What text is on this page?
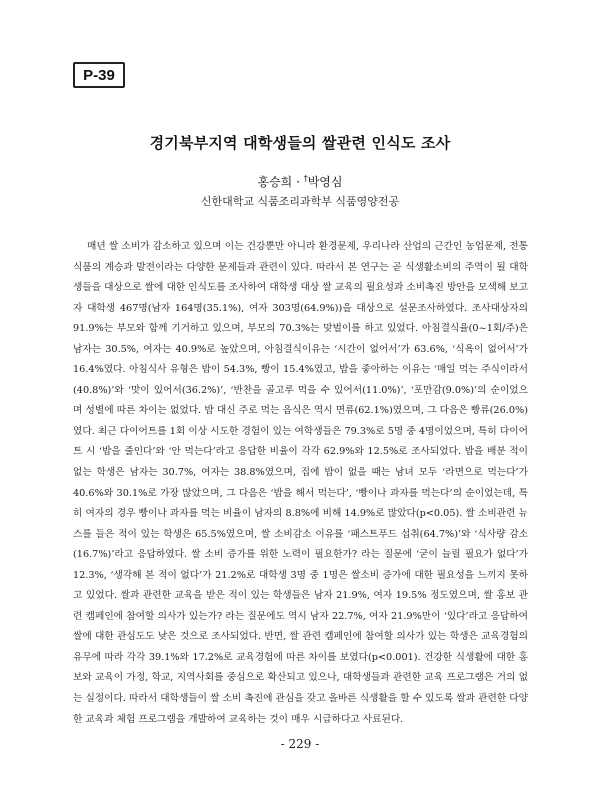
P-39
경기북부지역 대학생들의 쌀관련 인식도 조사
홍승희 · †박영심
신한대학교 식품조리과학부 식품영양전공

매년 쌀 소비가 감소하고 있으며 이는 건강뿐만 아니라 환경문제, 우리나라 산업의 근간인 농업문제, 전통식품의 계승과 발전이라는 다양한 문제들과 관련이 있다. 따라서 본 연구는 곧 식생활소비의 주역이 될 대학생들을 대상으로 쌀에 대한 인식도를 조사하여 대학생 대상 쌀 교육의 필요성과 소비촉진 방안을 모색해 보고자 대학생 467명(남자 164명(35.1%), 여자 303명(64.9%))을 대상으로 설문조사하였다. 조사대상자의 91.9%는 부모와 함께 기거하고 있으며, 부모의 70.3%는 맞벌이를 하고 있었다. 아침결식율(0~1회/주)은 남자는 30.5%, 여자는 40.9%로 높았으며, 아침결식이유는 ‘시간이 없어서’가 63.6%, ‘식욕이 없어서’가 16.4%였다. 아침식사 유형은 밥이 54.3%, 빵이 15.4%였고, 밥을 좋아하는 이유는 ‘매일 먹는 주식이라서(40.8%)’와 ‘맛이 있어서(36.2%)’, ‘반찬을 골고루 먹을 수 있어서(11.0%)’, ‘포만감(9.0%)’의 순이었으며 성별에 따른 차이는 없었다. 밥 대신 주로 먹는 음식은 역시 면류(62.1%)였으며, 그 다음은 빵류(26.0%)였다. 최근 다이어트를 1회 이상 시도한 경험이 있는 여학생들은 79.3%로 5명 중 4명이었으며, 특히 다이어트 시 ‘밥을 줄인다’와 ‘안 먹는다’라고 응답한 비율이 각각 62.9%와 12.5%로 조사되었다. 밥을 배분 적이 없는 학생은 남자는 30.7%, 여자는 38.8%였으며, 집에 밥이 없을 때는 남녀 모두 ‘라면으로 먹는다’가 40.6%와 30.1%로 가장 많았으며, 그 다음은 ‘밥을 해서 먹는다’, ‘빵이나 과자를 먹는다’의 순이었는데, 특히 여자의 경우 빵이나 과자를 먹는 비율이 남자의 8.8%에 비해 14.9%로 많았다(p<0.05). 쌀 소비관련 뉴스를 들은 적이 있는 학생은 65.5%였으며, 쌀 소비감소 이유를 ‘패스트푸드 섭취(64.7%)’와 ‘식사량 감소(16.7%)’라고 응답하였다. 쌀 소비 증가를 위한 노력이 필요한가? 라는 질문에 ‘굳이 늘릴 필요가 없다’가 12.3%, ‘생각해 본 적이 없다’가 21.2%로 대학생 3명 중 1명은 쌀소비 증가에 대한 필요성을 느끼지 못하고 있었다. 쌀과 관련한 교육을 받은 적이 있는 학생들은 남자 21.9%, 여자 19.5% 정도였으며, 쌀 홍보 관련 캠페인에 참여할 의사가 있는가? 라는 질문에도 역시 남자 22.7%, 여자 21.9%만이 ‘있다’라고 응답하여 쌀에 대한 관심도도 낮은 것으로 조사되었다. 반면, 쌀 관련 캠페인에 참여할 의사가 있는 학생은 교육경험의 유무에 따라 각각 39.1%와 17.2%로 교육경험에 따른 차이를 보였다(p<0.001). 건강한 식생활에 대한 홍보와 교육이 가정, 학교, 지역사회를 중심으로 확산되고 있으나, 대학생들과 관련한 교육 프로그램은 거의 없는 실정이다. 따라서 대학생들이 쌀 소비 촉진에 관심을 갖고 올바른 식생활을 할 수 있도록 쌀과 관련한 다양한 교육과 체험 프로그램을 개발하여 교육하는 것이 매우 시급하다고 사료된다.

- 229 -
